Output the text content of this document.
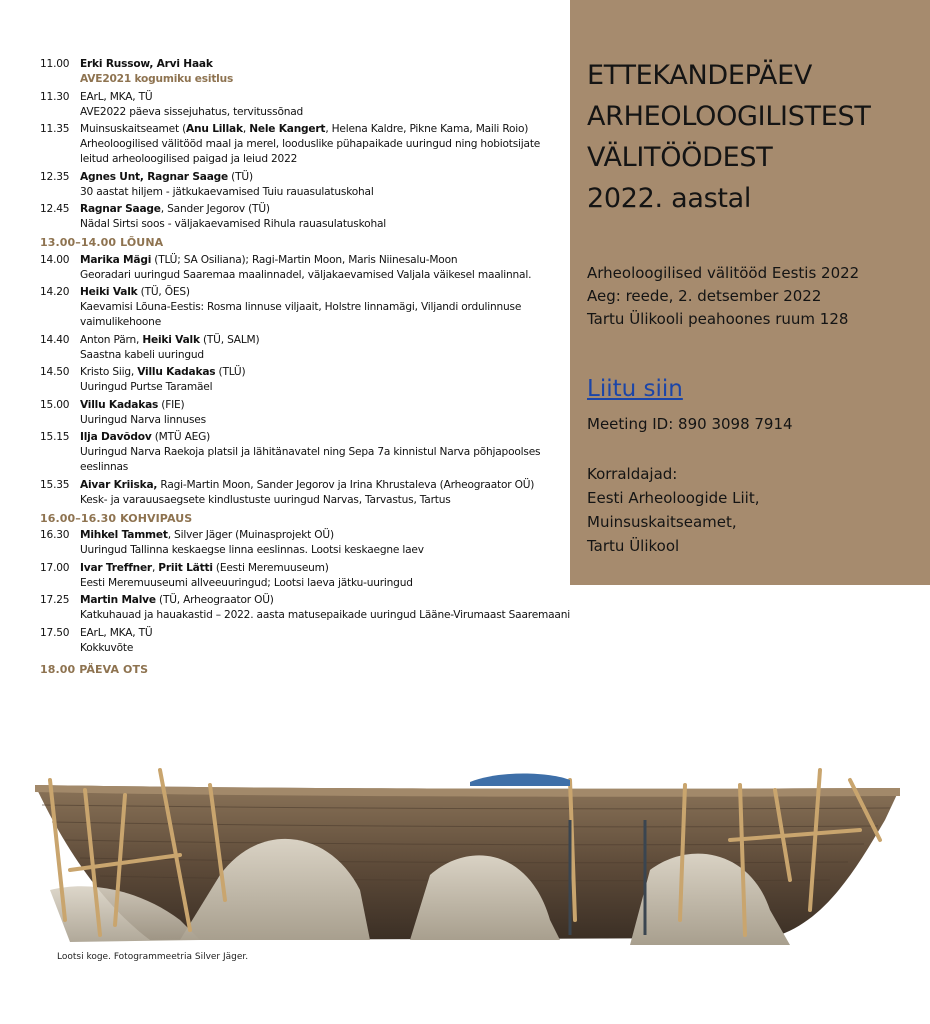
11.00	Erki Russow, Arvi Haak
AVE2021 kogumiku esitlus
11.30	EArL, MKA, TÜ
AVE2022 päeva sissejuhatus, tervitussõnad
11.35	Muinsuskaitseamet (Anu Lillak, Nele Kangert, Helena Kaldre, Pikne Kama, Maili Roio)
Arheoloogilised välitööd maal ja merel, looduslike pühapaikade uuringud ning hobiotsijate leitud arheoloogilised paigad ja leiud 2022
12.35	Agnes Unt, Ragnar Saage (TÜ)
30 aastat hiljem - jätkukaevamised Tuiu rauasulatuskohal
12.45	Ragnar Saage, Sander Jegorov (TÜ)
Nädal Sirtsi soos - väljakaevamised Rihula rauasulatuskohal
13.00–14.00 LÕUNA
14.00	Marika Mägi (TLÜ; SA Osiliana); Ragi-Martin Moon, Maris Niinesalu-Moon
Georadari uuringud Saaremaa maalinnadel, väljakaevamised Valjala väikesel maalinnal.
14.20	Heiki Valk (TÜ, ÕES)
Kaevamisi Lõuna-Eestis: Rosma linnuse viljaait, Holstre linnamägi, Viljandi ordulinnuse vaimulikehoone
14.40	Anton Pärn, Heiki Valk (TÜ, SALM)
Saastna kabeli uuringud
14.50	Kristo Siig, Villu Kadakas (TLÜ)
Uuringud Purtse Taramäel
15.00	Villu Kadakas (FIE)
Uuringud Narva linnuses
15.15	Ilja Davõdov (MTÜ AEG)
Uuringud Narva Raekoja platsil ja lähitänavatel ning Sepa 7a kinnistul Narva põhjapoolses eeslinnas
15.35	Aivar Kriiska, Ragi-Martin Moon, Sander Jegorov ja Irina Khrustaleva (Arheograator OÜ)
Kesk- ja varauusaegsete kindlustuste uuringud Narvas, Tarvastus, Tartus
16.00–16.30 KOHVIPAUS
16.30	Mihkel Tammet, Silver Jäger (Muinasprojekt OÜ)
Uuringud Tallinna keskaegse linna eeslinnas. Lootsi keskaegne laev
17.00	Ivar Treffner, Priit Lätti (Eesti Meremuuseum)
Eesti Meremuuseumi allveeuuringud; Lootsi laeva jätku-uuringud
17.25	Martin Malve (TÜ, Arheograator OÜ)
Katkuhauad ja hauakastid – 2022. aasta matusepaikade uuringud Lääne-Virumaast Saaremaani
17.50	EArL, MKA, TÜ
Kokkuvõte
18.00 PÄEVA OTS
ETTEKANDEPÄEV
ARHEOLOOGILISTEST
VÄLITÖÖDEST
2022. aastal
Arheoloogilised välitööd Eestis 2022
Aeg: reede, 2. detsember 2022
Tartu Ülikooli peahoones ruum 128
Liitu siin
Meeting ID: 890 3098 7914
Korraldajad:
Eesti Arheoloogide Liit,
Muinsuskaitseamet,
Tartu Ülikool
Lootsi koge. Fotogrammeetria Silver Jäger.
